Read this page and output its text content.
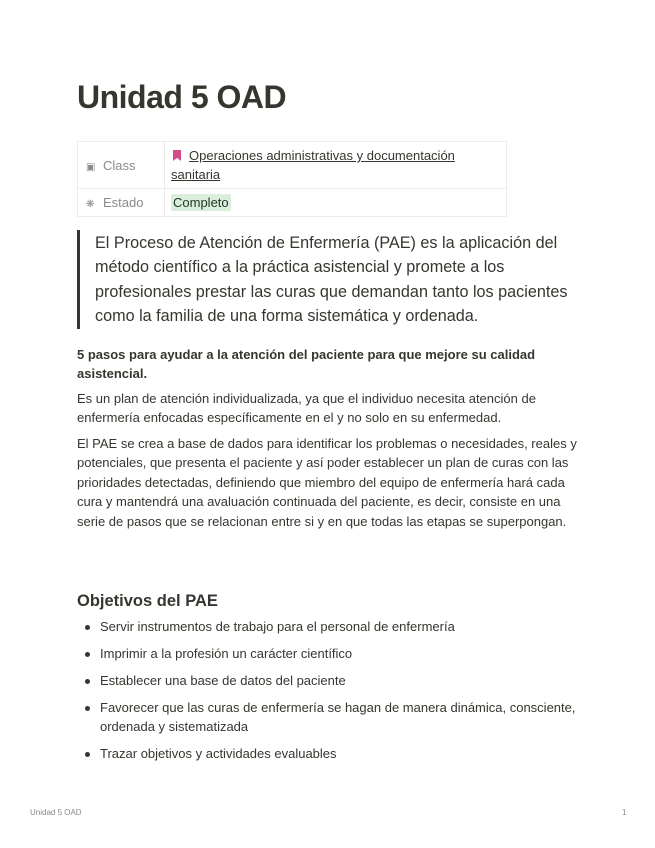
Unidad 5 OAD
▣ Class	Operaciones administrativas y documentación sanitaria
❋ Estado	Completo
El Proceso de Atención de Enfermería (PAE) es la aplicación del método científico a la práctica asistencial y promete a los profesionales prestar las curas que demandan tanto los pacientes como la familia de una forma sistemática y ordenada.

5 pasos para ayudar a la atención del paciente para que mejore su calidad asistencial.

Es un plan de atención individualizada, ya que el individuo necesita atención de enfermería enfocadas específicamente en el y no solo en su enfermedad.

El PAE se crea a base de dados para identificar los problemas o necesidades, reales y potenciales, que presenta el paciente y así poder establecer un plan de curas con las prioridades detectadas, definiendo que miembro del equipo de enfermería hará cada cura y mantendrá una avaluación continuada del paciente, es decir, consiste en una serie de pasos que se relacionan entre si y en que todas las etapas se superpongan.

Objetivos del PAE
Servir instrumentos de trabajo para el personal de enfermería
Imprimir a la profesión un carácter científico
Establecer una base de datos del paciente
Favorecer que las curas de enfermería se hagan de manera dinámica, consciente, ordenada y sistematizada
Trazar objetivos y actividades evaluables
Unidad 5 OAD	1
